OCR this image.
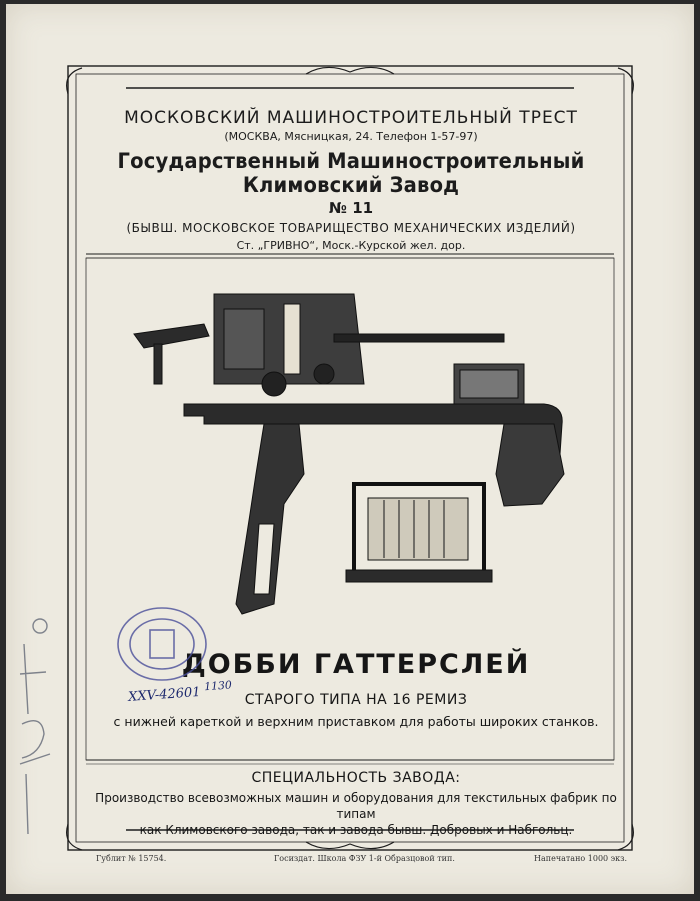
МОСКОВСКИЙ МАШИНОСТРОИТЕЛЬНЫЙ ТРЕСТ
(МОСКВА, Мясницкая, 24. Телефон 1-57-97)
Государственный Машиностроительный Климовский Завод
№ 11
(БЫВШ. МОСКОВСКОЕ ТОВАРИЩЕСТВО МЕХАНИЧЕСКИХ ИЗДЕЛИЙ)
Ст. „ГРИВНО“, Моск.-Курской жел. дор.
ДОББИ ГАТТЕРСЛЕЙ
СТАРОГО ТИПА НА 16 РЕМИЗ
с нижней кареткой и верхним приставком для работы широких станков.
СПЕЦИАЛЬНОСТЬ ЗАВОДА:
Производство всевозможных машин и оборудования для текстильных фабрик по типам
как Климовского завода, так и завода бывш. Добровых и Набгольц.
Гублит № 15754.	Госиздат. Школа ФЗУ 1-й Образцовой тип.	Напечатано 1000 экз.
XXV-42601 $^{1130}$
